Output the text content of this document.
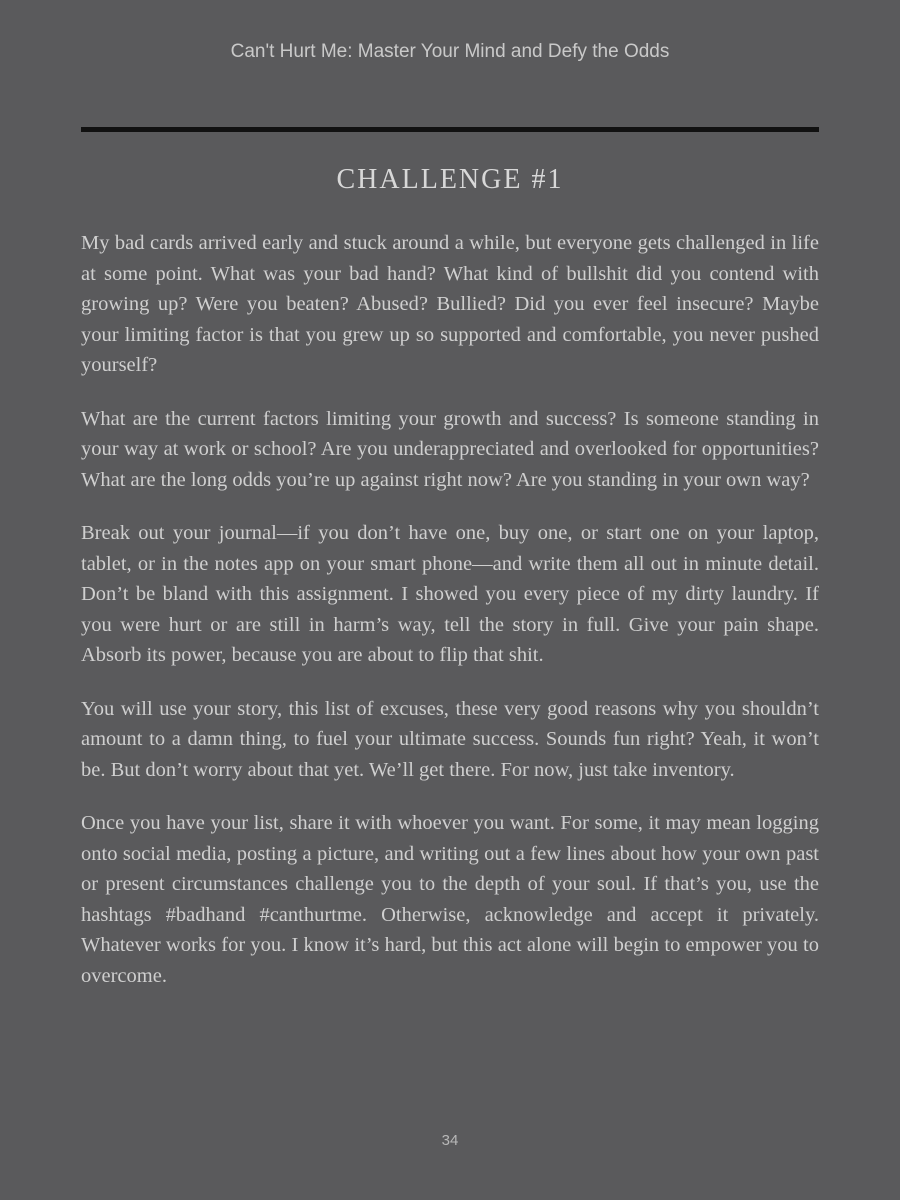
Can't Hurt Me: Master Your Mind and Defy the Odds
CHALLENGE #1

My bad cards arrived early and stuck around a while, but everyone gets challenged in life at some point. What was your bad hand? What kind of bullshit did you contend with growing up? Were you beaten? Abused? Bullied? Did you ever feel insecure? Maybe your limiting factor is that you grew up so supported and comfortable, you never pushed yourself?

What are the current factors limiting your growth and success? Is someone standing in your way at work or school? Are you underappreciated and overlooked for opportunities? What are the long odds you’re up against right now? Are you standing in your own way?

Break out your journal—if you don’t have one, buy one, or start one on your laptop, tablet, or in the notes app on your smart phone—and write them all out in minute detail. Don’t be bland with this assignment. I showed you every piece of my dirty laundry. If you were hurt or are still in harm’s way, tell the story in full. Give your pain shape. Absorb its power, because you are about to flip that shit.

You will use your story, this list of excuses, these very good reasons why you shouldn’t amount to a damn thing, to fuel your ultimate success. Sounds fun right? Yeah, it won’t be. But don’t worry about that yet. We’ll get there. For now, just take inventory.

Once you have your list, share it with whoever you want. For some, it may mean logging onto social media, posting a picture, and writing out a few lines about how your own past or present circumstances challenge you to the depth of your soul. If that’s you, use the hashtags #badhand #canthurtme. Otherwise, acknowledge and accept it privately. Whatever works for you. I know it’s hard, but this act alone will begin to empower you to overcome.

34
